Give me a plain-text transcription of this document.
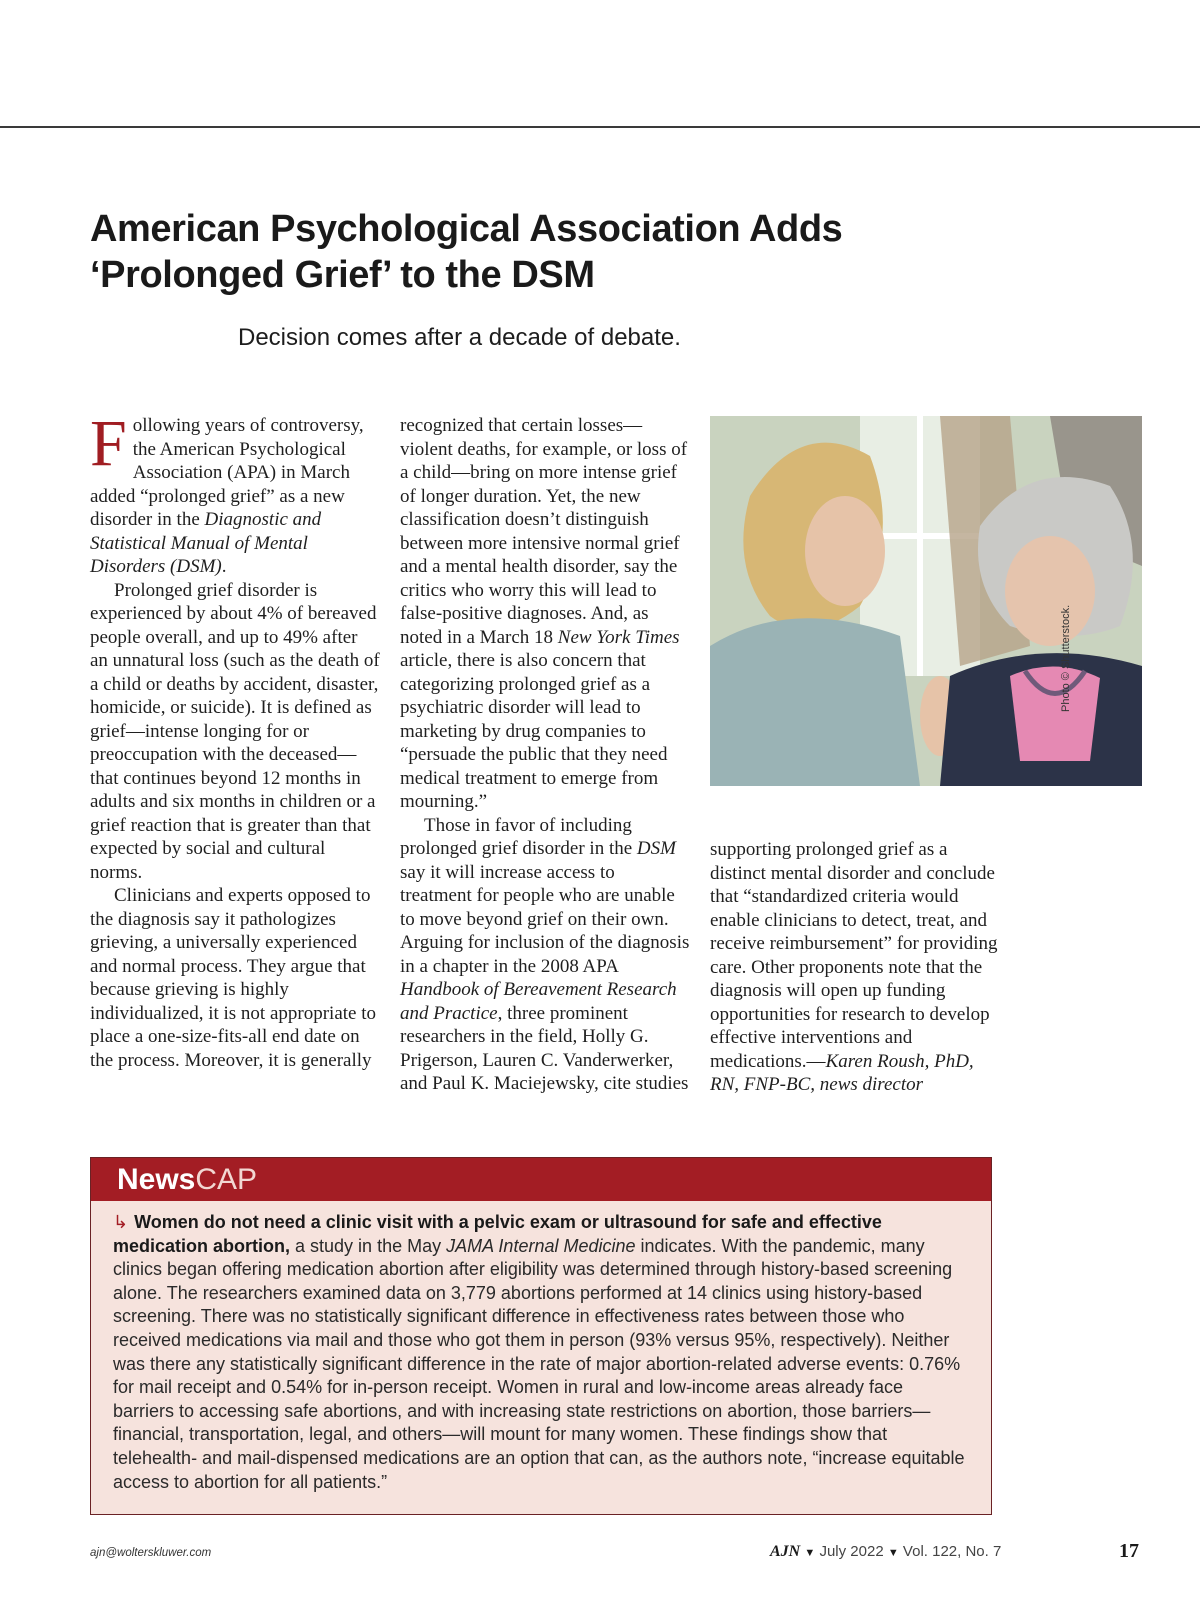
American Psychological Association Adds ‘Prolonged Grief’ to the DSM
Decision comes after a decade of debate.

Following years of controversy, the American Psychological Association (APA) in March added “prolonged grief” as a new disorder in the Diagnostic and Statistical Manual of Mental Disorders (DSM).

Prolonged grief disorder is experienced by about 4% of bereaved people overall, and up to 49% after an unnatural loss (such as the death of a child or deaths by accident, disaster, homicide, or suicide). It is defined as grief—intense longing for or preoccupation with the deceased—that continues beyond 12 months in adults and six months in children or a grief reaction that is greater than that expected by social and cultural norms.

Clinicians and experts opposed to the diagnosis say it pathologizes grieving, a universally experienced and normal process. They argue that because grieving is highly individualized, it is not appropriate to place a one-size-fits-all end date on the process. Moreover, it is generally

Photo © Shutterstock.

recognized that certain losses—violent deaths, for example, or loss of a child—bring on more intense grief of longer duration. Yet, the new classification doesn’t distinguish between more intensive normal grief and a mental health disorder, say the critics who worry this will lead to false-positive diagnoses. And, as noted in a March 18 New York Times article, there is also concern that categorizing prolonged grief as a psychiatric disorder will lead to marketing by drug companies to “persuade the public that they need medical treatment to emerge from mourning.”

Those in favor of including prolonged grief disorder in the DSM say it will increase access to treatment for people who are unable to move beyond grief on their own. Arguing for inclusion of the diagnosis in a chapter in the 2008 APA Handbook of Bereavement Research and Practice, three prominent researchers in the field, Holly G. Prigerson, Lauren C. Vanderwerker, and Paul K. Maciejewsky, cite studies

supporting prolonged grief as a distinct mental disorder and conclude that “standardized criteria would enable clinicians to detect, treat, and receive reimbursement” for providing care. Other proponents note that the diagnosis will open up funding opportunities for research to develop effective interventions and medications.—Karen Roush, PhD, RN, FNP-BC, news director

NewsCAP
↳ Women do not need a clinic visit with a pelvic exam or ultrasound for safe and effective medication abortion, a study in the May JAMA Internal Medicine indicates. With the pandemic, many clinics began offering medication abortion after eligibility was determined through history-based screening alone. The researchers examined data on 3,779 abortions performed at 14 clinics using history-based screening. There was no statistically significant difference in effectiveness rates between those who received medications via mail and those who got them in person (93% versus 95%, respectively). Neither was there any statistically significant difference in the rate of major abortion-related adverse events: 0.76% for mail receipt and 0.54% for in-person receipt. Women in rural and low-income areas already face barriers to accessing safe abortions, and with increasing state restrictions on abortion, those barriers—financial, transportation, legal, and others—will mount for many women. These findings show that telehealth- and mail-dispensed medications are an option that can, as the authors note, “increase equitable access to abortion for all patients.”
ajn@wolterskluwer.com	AJN ▼ July 2022 ▼ Vol. 122, No. 7	17
